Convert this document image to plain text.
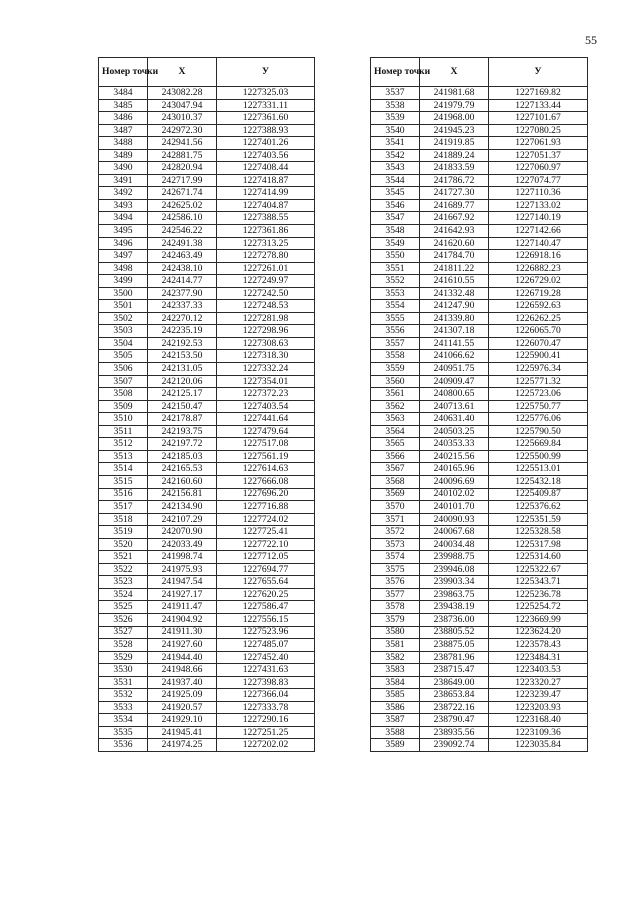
55
Номер точки	X	У
3484	243082.28	1227325.03
3485	243047.94	1227331.11
3486	243010.37	1227361.60
3487	242972.30	1227388.93
3488	242941.56	1227401.26
3489	242881.75	1227403.56
3490	242820.94	1227408.44
3491	242717.99	1227418.87
3492	242671.74	1227414.99
3493	242625.02	1227404.87
3494	242586.10	1227388.55
3495	242546.22	1227361.86
3496	242491.38	1227313.25
3497	242463.49	1227278.80
3498	242438.10	1227261.01
3499	242414.77	1227249.97
3500	242377.90	1227242.50
3501	242337.33	1227248.53
3502	242270.12	1227281.98
3503	242235.19	1227298.96
3504	242192.53	1227308.63
3505	242153.50	1227318.30
3506	242131.05	1227332.24
3507	242120.06	1227354.01
3508	242125.17	1227372.23
3509	242150.47	1227403.54
3510	242178.87	1227441.64
3511	242193.75	1227479.64
3512	242197.72	1227517.08
3513	242185.03	1227561.19
3514	242165.53	1227614.63
3515	242160.60	1227666.08
3516	242156.81	1227696.20
3517	242134.90	1227716.88
3518	242107.29	1227724.02
3519	242070.90	1227725.41
3520	242033.49	1227722.10
3521	241998.74	1227712.05
3522	241975.93	1227694.77
3523	241947.54	1227655.64
3524	241927.17	1227620.25
3525	241911.47	1227586.47
3526	241904.92	1227556.15
3527	241911.30	1227523.96
3528	241927.60	1227485.07
3529	241944.40	1227452.40
3530	241948.66	1227431.63
3531	241937.40	1227398.83
3532	241925.09	1227366.04
3533	241920.57	1227333.78
3534	241929.10	1227290.16
3535	241945.41	1227251.25
3536	241974.25	1227202.02
Номер точки	X	У
3537	241981.68	1227169.82
3538	241979.79	1227133.44
3539	241968.00	1227101.67
3540	241945.23	1227080.25
3541	241919.85	1227061.93
3542	241889.24	1227051.37
3543	241833.59	1227060.97
3544	241786.72	1227074.77
3545	241727.30	1227110.36
3546	241689.77	1227133.02
3547	241667.92	1227140.19
3548	241642.93	1227142.66
3549	241620.60	1227140.47
3550	241784.70	1226918.16
3551	241811.22	1226882.23
3552	241610.55	1226729.02
3553	241332.48	1226719.28
3554	241247.90	1226592.63
3555	241339.80	1226262.25
3556	241307.18	1226065.70
3557	241141.55	1226070.47
3558	241066.62	1225900.41
3559	240951.75	1225976.34
3560	240909.47	1225771.32
3561	240800.65	1225723.06
3562	240713.61	1225750.77
3563	240631.40	1225776.06
3564	240503.25	1225790.50
3565	240353.33	1225669.84
3566	240215.56	1225500.99
3567	240165.96	1225513.01
3568	240096.69	1225432.18
3569	240102.02	1225409.87
3570	240101.70	1225376.62
3571	240090.93	1225351.59
3572	240067.68	1225328.58
3573	240034.48	1225317.98
3574	239988.75	1225314.60
3575	239946.08	1225322.67
3576	239903.34	1225343.71
3577	239863.75	1225236.78
3578	239438.19	1225254.72
3579	238736.00	1223669.99
3580	238805.52	1223624.20
3581	238875.05	1223578.43
3582	238781.96	1223484.31
3583	238715.47	1223403.53
3584	238649.00	1223320.27
3585	238653.84	1223239.47
3586	238722.16	1223203.93
3587	238790.47	1223168.40
3588	238935.56	1223109.36
3589	239092.74	1223035.84
